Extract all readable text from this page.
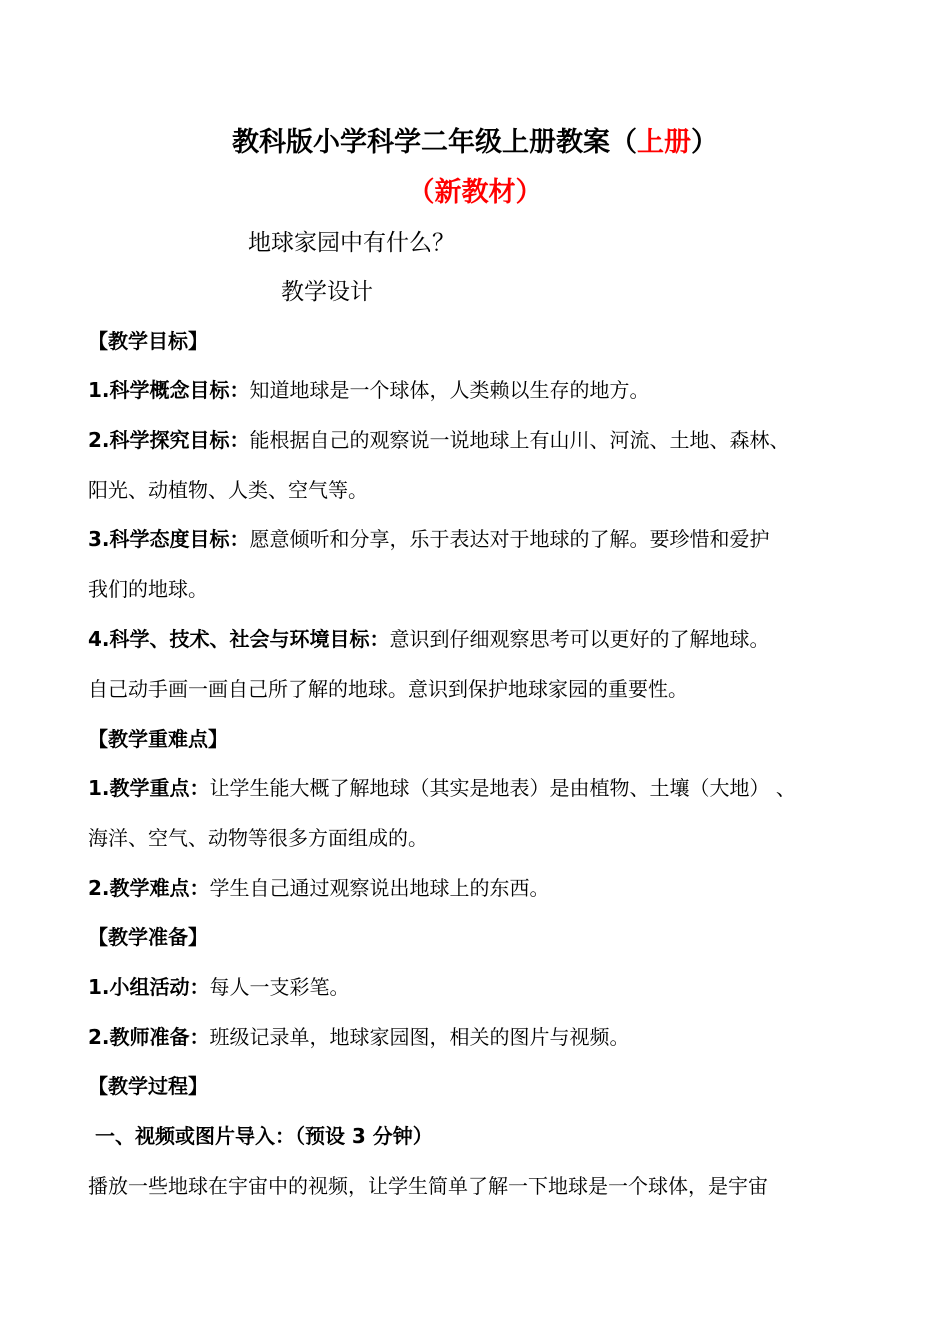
教科版小学科学二年级上册教案（上册）
（新教材）
地球家园中有什么？
教学设计
【教学目标】
1.科学概念目标：知道地球是一个球体，人类赖以生存的地方。
2.科学探究目标：能根据自己的观察说一说地球上有山川、河流、土地、森林、
阳光、动植物、人类、空气等。
3.科学态度目标：愿意倾听和分享，乐于表达对于地球的了解。要珍惜和爱护
我们的地球。
4.科学、技术、社会与环境目标：意识到仔细观察思考可以更好的了解地球。
自己动手画一画自己所了解的地球。意识到保护地球家园的重要性。
【教学重难点】
1.教学重点：让学生能大概了解地球（其实是地表）是由植物、土壤（大地） 、
海洋、空气、动物等很多方面组成的。
2.教学难点：学生自己通过观察说出地球上的东西。
【教学准备】
1.小组活动：每人一支彩笔。
2.教师准备：班级记录单，地球家园图，相关的图片与视频。
【教学过程】
一、视频或图片导入：（预设 3 分钟）
播放一些地球在宇宙中的视频，让学生简单了解一下地球是一个球体，是宇宙
